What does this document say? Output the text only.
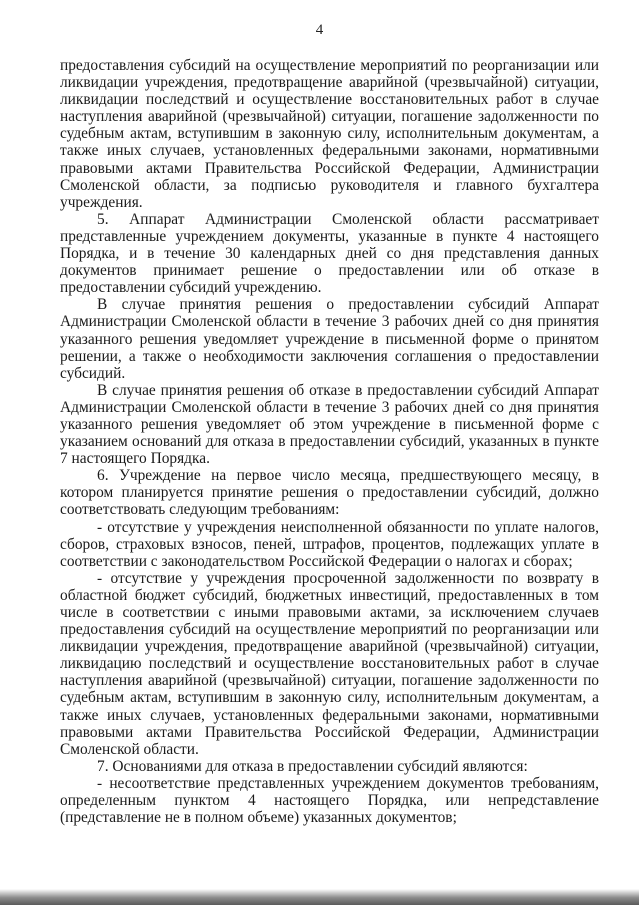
4

предоставления субсидий на осуществление мероприятий по реорганизации или ликвидации учреждения, предотвращение аварийной (чрезвычайной) ситуации, ликвидации последствий и осуществление восстановительных работ в случае наступления аварийной (чрезвычайной) ситуации, погашение задолженности по судебным актам, вступившим в законную силу, исполнительным документам, а также иных случаев, установленных федеральными законами, нормативными правовыми актами Правительства Российской Федерации, Администрации Смоленской области, за подписью руководителя и главного бухгалтера учреждения.

5. Аппарат Администрации Смоленской области рассматривает представленные учреждением документы, указанные в пункте 4 настоящего Порядка, и в течение 30 календарных дней со дня представления данных документов принимает решение о предоставлении или об отказе в предоставлении субсидий учреждению.

В случае принятия решения о предоставлении субсидий Аппарат Администрации Смоленской области в течение 3 рабочих дней со дня принятия указанного решения уведомляет учреждение в письменной форме о принятом решении, а также о необходимости заключения соглашения о предоставлении субсидий.

В случае принятия решения об отказе в предоставлении субсидий Аппарат Администрации Смоленской области в течение 3 рабочих дней со дня принятия указанного решения уведомляет об этом учреждение в письменной форме с указанием оснований для отказа в предоставлении субсидий, указанных в пункте 7 настоящего Порядка.

6. Учреждение на первое число месяца, предшествующего месяцу, в котором планируется принятие решения о предоставлении субсидий, должно соответствовать следующим требованиям:

- отсутствие у учреждения неисполненной обязанности по уплате налогов, сборов, страховых взносов, пеней, штрафов, процентов, подлежащих уплате в соответствии с законодательством Российской Федерации о налогах и сборах;

- отсутствие у учреждения просроченной задолженности по возврату в областной бюджет субсидий, бюджетных инвестиций, предоставленных в том числе в соответствии с иными правовыми актами, за исключением случаев предоставления субсидий на осуществление мероприятий по реорганизации или ликвидации учреждения, предотвращение аварийной (чрезвычайной) ситуации, ликвидацию последствий и осуществление восстановительных работ в случае наступления аварийной (чрезвычайной) ситуации, погашение задолженности по судебным актам, вступившим в законную силу, исполнительным документам, а также иных случаев, установленных федеральными законами, нормативными правовыми актами Правительства Российской Федерации, Администрации Смоленской области.

7. Основаниями для отказа в предоставлении субсидий являются:

- несоответствие представленных учреждением документов требованиям, определенным пунктом 4 настоящего Порядка, или непредставление (представление не в полном объеме) указанных документов;
